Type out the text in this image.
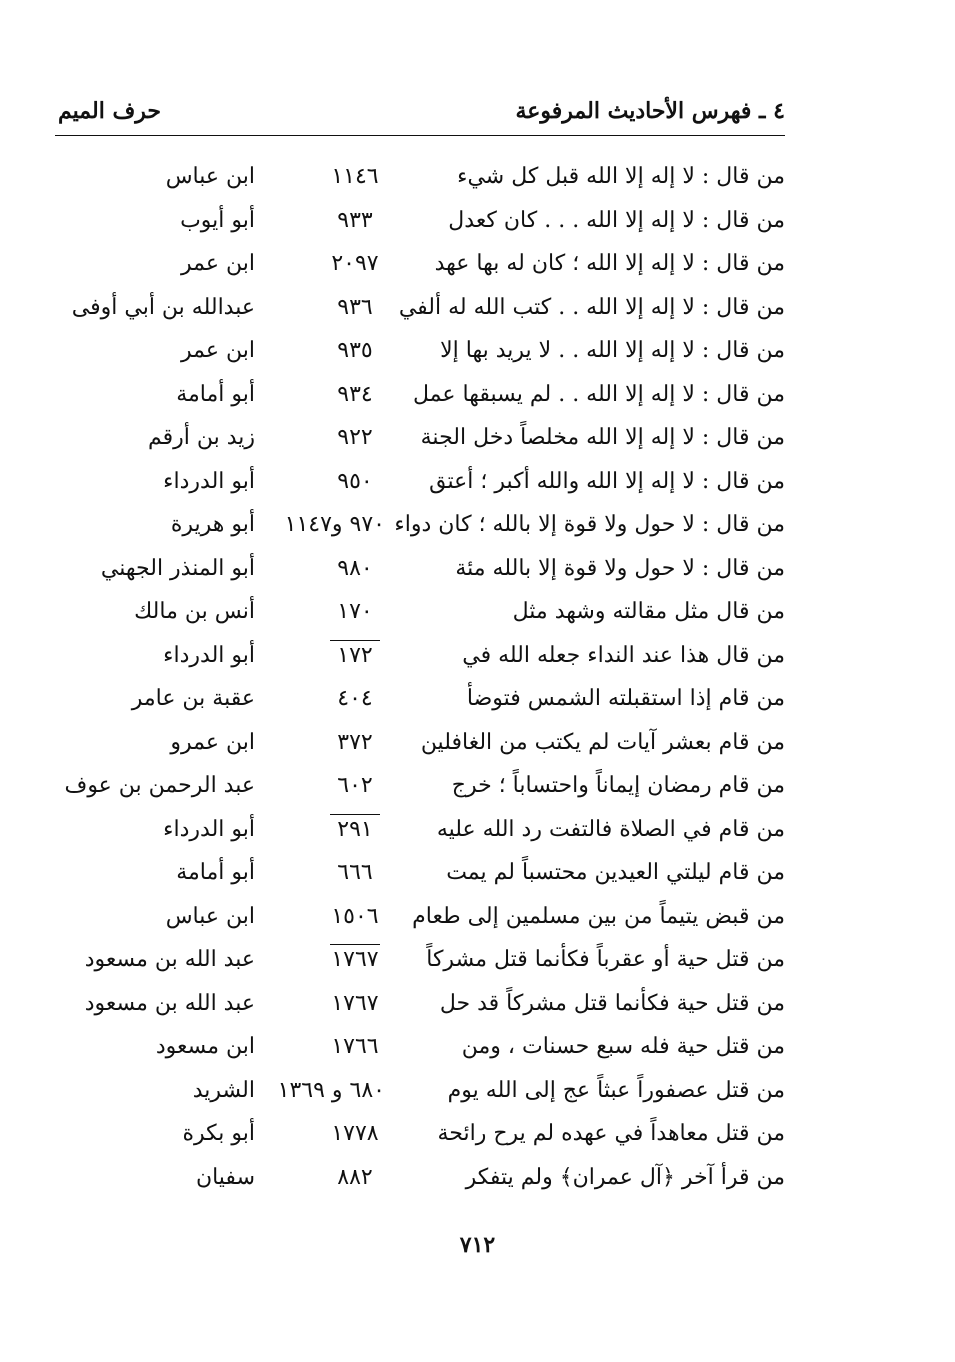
٤ ـ فهرس الأحاديث المرفوعة
حرف الميم
من قال : لا إله إلا الله قبل كل شيء
١١٤٦
ابن عباس
من قال : لا إله إلا الله . . . كان كعدل
٩٣٣
أبو أيوب
من قال : لا إله إلا الله ؛ كان له بها عهد
٢٠٩٧
ابن عمر
من قال : لا إله إلا الله . . كتب الله له ألفي
٩٣٦
عبدالله بن أبي أوفى
من قال : لا إله إلا الله . . لا يريد بها إلا
٩٣٥
ابن عمر
من قال : لا إله إلا الله . . لم يسبقها عمل
٩٣٤
أبو أمامة
من قال : لا إله إلا الله مخلصاً دخل الجنة
٩٢٢
زيد بن أرقم
من قال : لا إله إلا الله والله أكبر ؛ أعتق
٩٥٠
أبو الدرداء
من قال : لا حول ولا قوة إلا بالله ؛ كان دواء
٩٧٠ و١١٤٧
أبو هريرة
من قال : لا حول ولا قوة إلا بالله مئة
٩٨٠
أبو المنذر الجهني
من قال مثل مقالته وشهد مثل
١٧٠
أنس بن مالك
من قال هذا عند النداء جعله الله في
١٧٢
أبو الدرداء
من قام إذا استقبلته الشمس فتوضأ
٤٠٤
عقبة بن عامر
من قام بعشر آيات لم يكتب من الغافلين
٣٧٢
ابن عمرو
من قام رمضان إيماناً واحتساباً ؛ خرج
٦٠٢
عبد الرحمن بن عوف
من قام في الصلاة فالتفت رد الله عليه
٢٩١
أبو الدرداء
من قام ليلتي العيدين محتسباً لم يمت
٦٦٦
أبو أمامة
من قبض يتيماً من بين مسلمين إلى طعام
١٥٠٦
ابن عباس
من قتل حية أو عقرباً فكأنما قتل مشركاً
١٧٦٧
عبد الله بن مسعود
من قتل حية فكأنما قتل مشركاً قد حل
١٧٦٧
عبد الله بن مسعود
من قتل حية فله سبع حسنات ، ومن
١٧٦٦
ابن مسعود
من قتل عصفوراً عبثاً عج إلى الله يوم
٦٨٠ و ١٣٦٩
الشريد
من قتل معاهداً في عهده لم يرح رائحة
١٧٧٨
أبو بكرة
من قرأ آخر ﴿آل عمران﴾ ولم يتفكر
٨٨٢
سفيان
٧١٢
